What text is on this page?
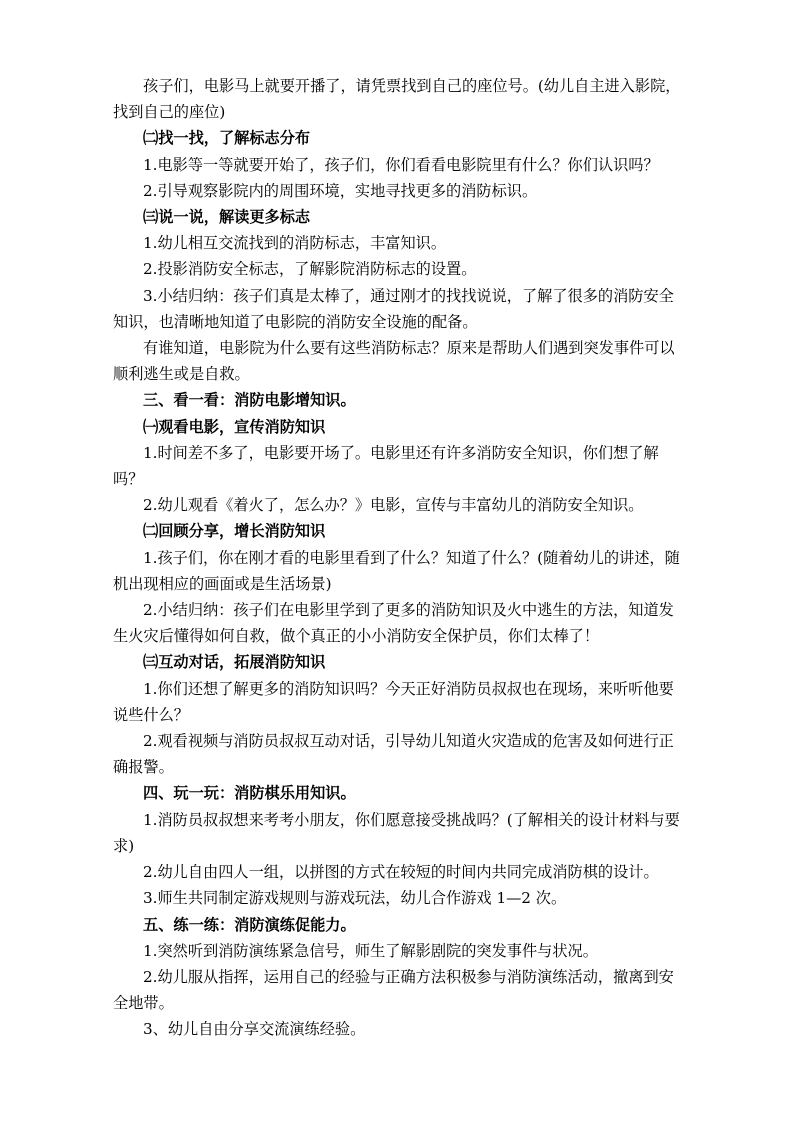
孩子们，电影马上就要开播了，请凭票找到自己的座位号。(幼儿自主进入影院，找到自己的座位)

㈡找一找，了解标志分布

1.电影等一等就要开始了，孩子们，你们看看电影院里有什么？你们认识吗？

2.引导观察影院内的周围环境，实地寻找更多的消防标识。

㈢说一说，解读更多标志

1.幼儿相互交流找到的消防标志，丰富知识。

2.投影消防安全标志，了解影院消防标志的设置。

3.小结归纳：孩子们真是太棒了，通过刚才的找找说说，了解了很多的消防安全知识，也清晰地知道了电影院的消防安全设施的配备。

有谁知道，电影院为什么要有这些消防标志？原来是帮助人们遇到突发事件可以顺利逃生或是自救。

三、看一看：消防电影增知识。

㈠观看电影，宣传消防知识

1.时间差不多了，电影要开场了。电影里还有许多消防安全知识，你们想了解吗？

2.幼儿观看《着火了，怎么办？》电影，宣传与丰富幼儿的消防安全知识。

㈡回顾分享，增长消防知识

1.孩子们，你在刚才看的电影里看到了什么？知道了什么？(随着幼儿的讲述，随机出现相应的画面或是生活场景)

2.小结归纳：孩子们在电影里学到了更多的消防知识及火中逃生的方法，知道发生火灾后懂得如何自救，做个真正的小小消防安全保护员，你们太棒了！

㈢互动对话，拓展消防知识

1.你们还想了解更多的消防知识吗？今天正好消防员叔叔也在现场，来听听他要说些什么？

2.观看视频与消防员叔叔互动对话，引导幼儿知道火灾造成的危害及如何进行正确报警。

四、玩一玩：消防棋乐用知识。

1.消防员叔叔想来考考小朋友，你们愿意接受挑战吗？(了解相关的设计材料与要求)

2.幼儿自由四人一组，以拼图的方式在较短的时间内共同完成消防棋的设计。

3.师生共同制定游戏规则与游戏玩法，幼儿合作游戏 1—2 次。

五、练一练：消防演练促能力。

1.突然听到消防演练紧急信号，师生了解影剧院的突发事件与状况。

2.幼儿服从指挥，运用自己的经验与正确方法积极参与消防演练活动，撤离到安全地带。

3、幼儿自由分享交流演练经验。
